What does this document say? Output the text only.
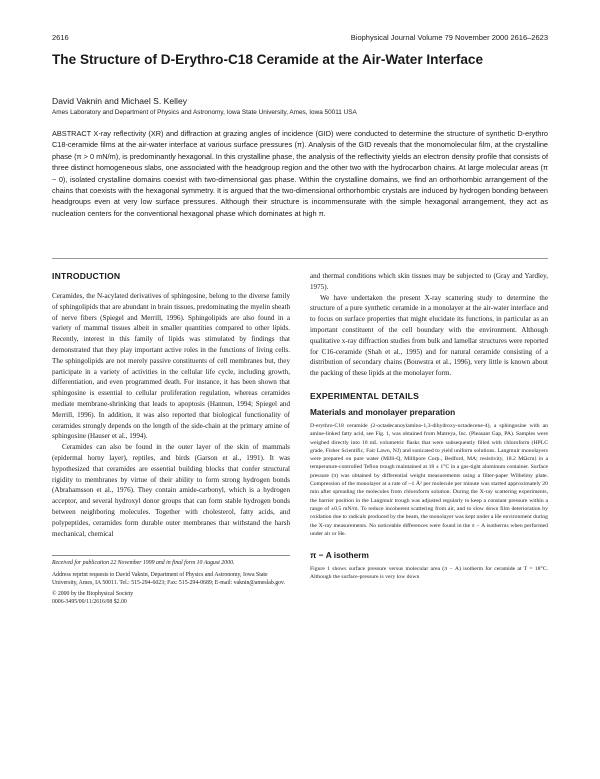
2616	Biophysical Journal Volume 79 November 2000 2616–2623
The Structure of D-Erythro-C18 Ceramide at the Air-Water Interface
David Vaknin and Michael S. Kelley
Ames Laboratory and Department of Physics and Astronomy, Iowa State University, Ames, Iowa 50011 USA

ABSTRACT X-ray reflectivity (XR) and diffraction at grazing angles of incidence (GID) were conducted to determine the structure of synthetic D-erythro C18-ceramide films at the air-water interface at various surface pressures (π). Analysis of the GID reveals that the monomolecular film, at the crystalline phase (π > 0 mN/m), is predominantly hexagonal. In this crystalline phase, the analysis of the reflectivity yields an electron density profile that consists of three distinct homogeneous slabs, one associated with the headgroup region and the other two with the hydrocarbon chains. At large molecular areas (π ~ 0), isolated crystalline domains coexist with two-dimensional gas phase. Within the crystalline domains, we find an orthorhombic arrangement of the chains that coexists with the hexagonal symmetry. It is argued that the two-dimensional orthorhombic crystals are induced by hydrogen bonding between headgroups even at very low surface pressures. Although their structure is incommensurate with the simple hexagonal arrangement, they act as nucleation centers for the conventional hexagonal phase which dominates at high π.

INTRODUCTION

Ceramides, the N-acylated derivatives of sphingosine, belong to the diverse family of sphingolipids that are abundant in brain tissues, predominating the myelin sheath of nerve fibers (Spiegel and Merrill, 1996). Sphingolipids are also found in a variety of mammal tissues albeit in smaller quantities compared to other lipids. Recently, interest in this family of lipids was stimulated by findings that demonstrated that they play important active roles in the functions of living cells. The sphingolipids are not merely passive constituents of cell membranes but, they participate in a variety of activities in the cellular life cycle, including growth, differentiation, and even programmed death. For instance, it has been shown that sphingosine is essential to cellular proliferation regulation, whereas ceramides mediate membrane-shrinking that leads to apoptosis (Hannun, 1994; Spiegel and Merrill, 1996). In addition, it was also reported that biological functionality of ceramides strongly depends on the length of the side-chain at the primary amine of sphingosine (Hauser et al., 1994).

Ceramides can also be found in the outer layer of the skin of mammals (epidermal horny layer), reptiles, and birds (Garson et al., 1991). It was hypothesized that ceramides are essential building blocks that confer structural rigidity to membranes by virtue of their ability to form strong hydrogen bonds (Abrahamsson et al., 1976). They contain amide-carbonyl, which is a hydrogen acceptor, and several hydroxyl donor groups that can form stable hydrogen bonds between neighboring molecules. Together with cholesterol, fatty acids, and polypeptides, ceramides form durable outer membranes that withstand the harsh mechanical, chemical

Received for publication 22 November 1999 and in final form 10 August 2000.
Address reprint requests to David Vaknin, Department of Physics and Astronomy, Iowa State University, Ames, IA 50011. Tel.: 515-294-6023; Fax: 515-294-0689; E-mail: vaknin@ameslab.gov.
© 2000 by the Biophysical Society
0006-3495/00/11/2616/08 $2.00

and thermal conditions which skin tissues may be subjected to (Gray and Yardley, 1975).

We have undertaken the present X-ray scattering study to determine the structure of a pure synthetic ceramide in a monolayer at the air-water interface and to focus on surface properties that might elucidate its functions, in particular as an important constituent of the cell boundary with the environment. Although qualitative x-ray diffraction studies from bulk and lamellar structures were reported for C16-ceramide (Shah et al., 1995) and for natural ceramide consisting of a distribution of secondary chains (Bouwstra et al., 1996), very little is known about the packing of these lipids at the monolayer form.

EXPERIMENTAL DETAILS
Materials and monolayer preparation

D-erythro-C18 ceramide (2-octadecanoylamino-1,3-dihydroxy-octadecene-4), a sphingosine with an amine-linked fatty acid, see Fig. 1, was obtained from Matreya, Inc. (Pleasant Gap, PA). Samples were weighed directly into 10 mL volumetric flasks that were subsequently filled with chloroform (HPLC grade, Fisher Scientific, Fair Lawn, NJ) and sonicated to yield uniform solutions. Langmuir monolayers were prepared on pure water (Milli-Q, Millipore Corp., Bedford, MA; resistivity, 18.2 MΩcm) in a temperature-controlled Teflon trough maintained at 18 ± 1°C in a gas-tight aluminum container. Surface pressure (π) was obtained by differential weight measurements using a filter-paper Wilhelmy plate. Compression of the monolayer at a rate of ~1 Å² per molecule per minute was started approximately 20 min after spreading the molecules from chloroform solution. During the X-ray scattering experiments, the barrier position in the Langmuir trough was adjusted regularly to keep a constant pressure within a range of ±0.5 mN/m. To reduce incoherent scattering from air, and to slow down film deterioration by oxidation due to radicals produced by the beam, the monolayer was kept under a He environment during the X-ray measurements. No noticeable differences were found in the π − A isotherms when performed under air or He.

π − A isotherm

Figure 1 shows surface pressure versus molecular area (π − A) isotherm for ceramide at T = 18°C. Although the surface-pressure is very low down
